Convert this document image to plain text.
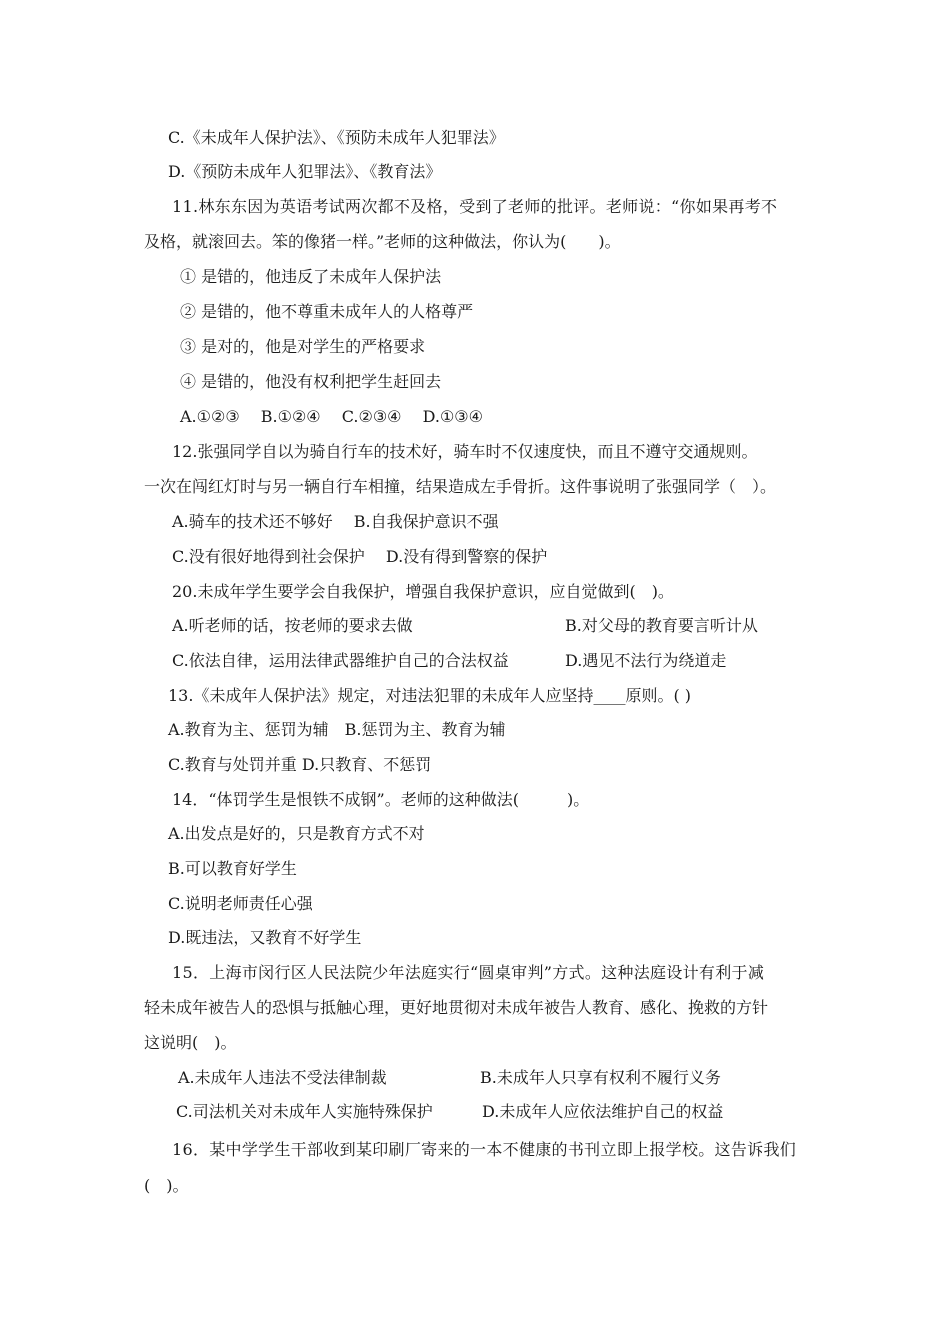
C.《未成年人保护法》、《预防未成年人犯罪法》
D.《预防未成年人犯罪法》、《教育法》
11.林东东因为英语考试两次都不及格，受到了老师的批评。老师说：“你如果再考不
及格，就滚回去。笨的像猪一样。”老师的这种做法，你认为(　　)。
① 是错的，他违反了未成年人保护法
② 是错的，他不尊重未成年人的人格尊严
③ 是对的，他是对学生的严格要求
④ 是错的，他没有权利把学生赶回去
A.①②③　 B.①②④　 C.②③④　 D.①③④
12.张强同学自以为骑自行车的技术好，骑车时不仅速度快，而且不遵守交通规则。
一次在闯红灯时与另一辆自行车相撞，结果造成左手骨折。这件事说明了张强同学（　）。
A.骑车的技术还不够好　 B.自我保护意识不强
C.没有很好地得到社会保护　 D.没有得到警察的保护
20.未成年学生要学会自我保护，增强自我保护意识，应自觉做到(　)。
A.听老师的话，按老师的要求去做	B.对父母的教育要言听计从
C.依法自律，运用法律武器维护自己的合法权益	D.遇见不法行为绕道走
13.《未成年人保护法》规定，对违法犯罪的未成年人应坚持____原则。( )
A.教育为主、惩罚为辅　B.惩罚为主、教育为辅
C.教育与处罚并重 D.只教育、不惩罚
14．“体罚学生是恨铁不成钢”。老师的这种做法(　　　)。
A.出发点是好的，只是教育方式不对
B.可以教育好学生
C.说明老师责任心强
D.既违法，又教育不好学生
15．上海市闵行区人民法院少年法庭实行“圆桌审判”方式。这种法庭设计有利于减
轻未成年被告人的恐惧与抵触心理，更好地贯彻对未成年被告人教育、感化、挽救的方针
这说明(　)。
A.未成年人违法不受法律制裁	B.未成年人只享有权利不履行义务
C.司法机关对未成年人实施特殊保护	D.未成年人应依法维护自己的权益
16．某中学学生干部收到某印刷厂寄来的一本不健康的书刊立即上报学校。这告诉我们
(　)。
